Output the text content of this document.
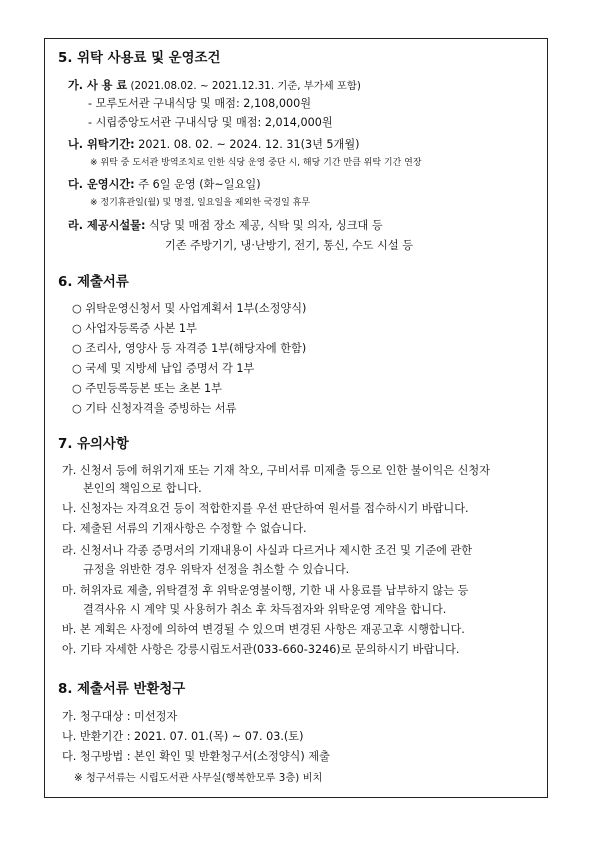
5. 위탁 사용료 및 운영조건
가. 사 용 료 (2021.08.02. ~ 2021.12.31. 기준, 부가세 포함)
- 모루도서관 구내식당 및 매점: 2,108,000원
- 시립중앙도서관 구내식당 및 매점: 2,014,000원
나. 위탁기간: 2021. 08. 02. ~ 2024. 12. 31(3년 5개월)
※ 위탁 중 도서관 방역조치로 인한 식당 운영 중단 시, 해당 기간 만큼 위탁 기간 연장
다. 운영시간: 주 6일 운영 (화~일요일)
※ 정기휴관일(월) 및 명절, 일요일을 제외한 국경일 휴무
라. 제공시설물: 식당 및 매점 장소 제공, 식탁 및 의자, 싱크대 등
기존 주방기기, 냉·난방기, 전기, 통신, 수도 시설 등
6. 제출서류
○ 위탁운영신청서 및 사업계획서 1부(소정양식)
○ 사업자등록증 사본 1부
○ 조리사, 영양사 등 자격증 1부(해당자에 한함)
○ 국세 및 지방세 납입 증명서 각 1부
○ 주민등록등본 또는 초본 1부
○ 기타 신청자격을 증빙하는 서류
7. 유의사항
가. 신청서 등에 허위기재 또는 기재 착오, 구비서류 미제출 등으로 인한 불이익은 신청자
본인의 책임으로 합니다.
나. 신청자는 자격요건 등이 적합한지를 우선 판단하여 원서를 접수하시기 바랍니다.
다. 제출된 서류의 기재사항은 수정할 수 없습니다.
라. 신청서나 각종 증명서의 기재내용이 사실과 다르거나 제시한 조건 및 기준에 관한
규정을 위반한 경우 위탁자 선정을 취소할 수 있습니다.
마. 허위자료 제출, 위탁결정 후 위탁운영불이행, 기한 내 사용료를 납부하지 않는 등
결격사유 시 계약 및 사용허가 취소 후 차득점자와 위탁운영 계약을 합니다.
바. 본 계획은 사정에 의하여 변경될 수 있으며 변경된 사항은 재공고후 시행합니다.
아. 기타 자세한 사항은 강릉시립도서관(033-660-3246)로 문의하시기 바랍니다.
8. 제출서류 반환청구
가. 청구대상 : 미선정자
나. 반환기간 : 2021. 07. 01.(목) ~ 07. 03.(토)
다. 청구방법 : 본인 확인 및 반환청구서(소정양식) 제출
※ 청구서류는 시립도서관 사무실(행복한모루 3층) 비치
